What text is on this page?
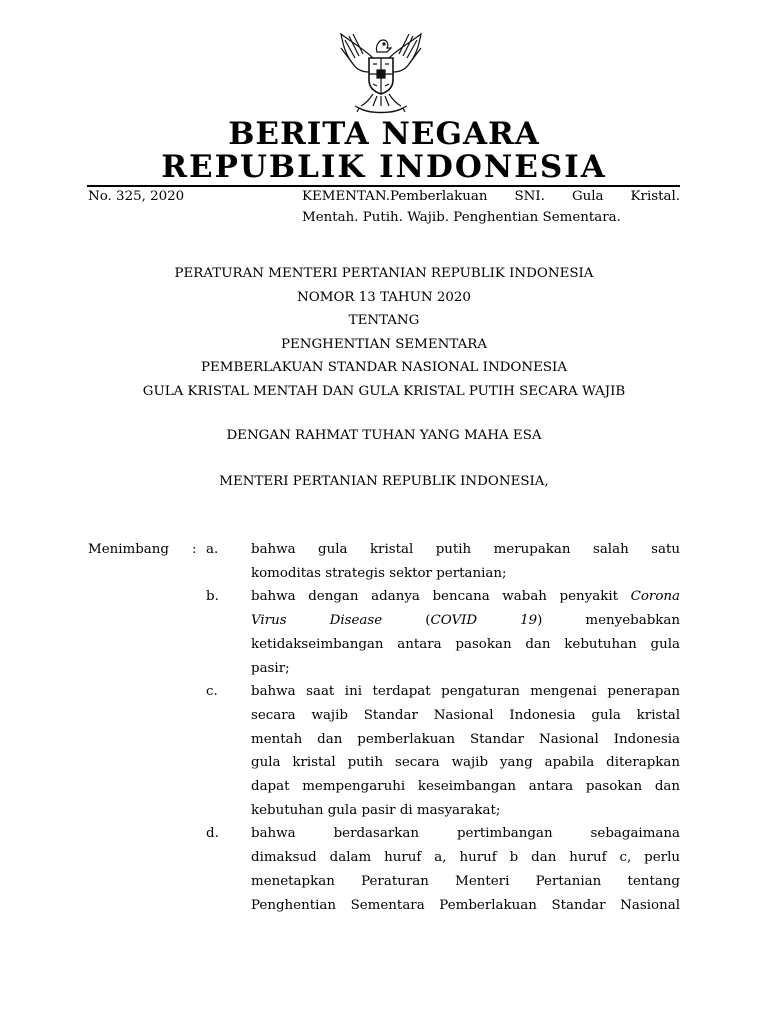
BERITA NEGARA
REPUBLIK INDONESIA
No. 325, 2020	KEMENTAN.Pemberlakuan SNI. Gula Kristal.
Mentah. Putih. Wajib. Penghentian Sementara.
PERATURAN MENTERI PERTANIAN REPUBLIK INDONESIA
NOMOR 13 TAHUN 2020
TENTANG
PENGHENTIAN SEMENTARA
PEMBERLAKUAN STANDAR NASIONAL INDONESIA
GULA KRISTAL MENTAH DAN GULA KRISTAL PUTIH SECARA WAJIB
DENGAN RAHMAT TUHAN YANG MAHA ESA
MENTERI PERTANIAN REPUBLIK INDONESIA,
Menimbang	: a.	bahwa gula kristal putih merupakan salah satu
komoditas strategis sektor pertanian;
b.	bahwa dengan adanya bencana wabah penyakit Corona
Virus Disease	(COVID 19)	menyebabkan
ketidakseimbangan antara pasokan dan kebutuhan gula
pasir;
c.	bahwa saat ini terdapat pengaturan mengenai penerapan
secara wajib Standar Nasional Indonesia gula kristal
mentah dan pemberlakuan Standar Nasional Indonesia
gula kristal putih secara wajib yang apabila diterapkan
dapat mempengaruhi keseimbangan antara pasokan dan
kebutuhan gula pasir di masyarakat;
d.	bahwa berdasarkan pertimbangan sebagaimana
dimaksud dalam huruf a, huruf b dan huruf c, perlu
menetapkan Peraturan Menteri Pertanian tentang
Penghentian Sementara Pemberlakuan Standar Nasional
